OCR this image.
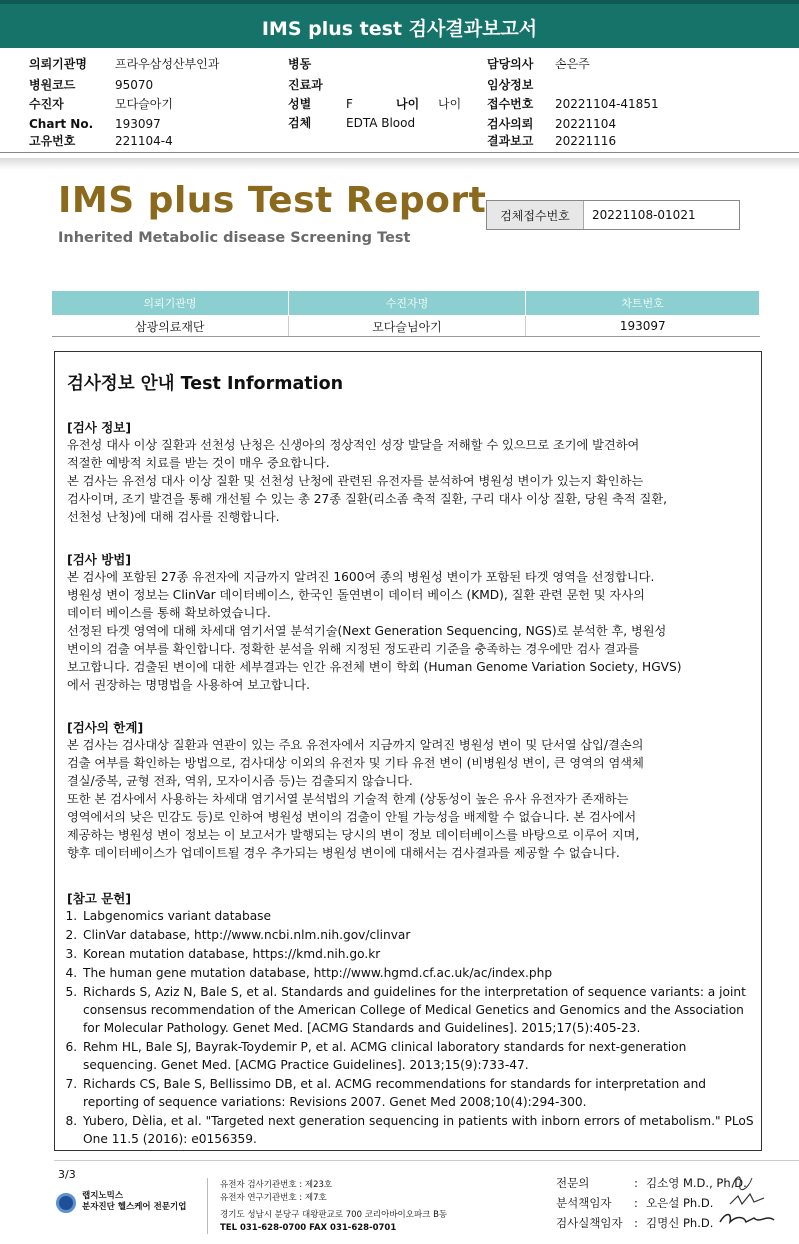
IMS plus test 검사결과보고서
의뢰기관명 프라우삼성산부인과
병원코드	95070
수진자	모다슬아기
Chart No. 193097
고유번호	221104-4
병동
진료과
성별	F	나이 나이
검체	EDTA Blood
담당의사 손은주
임상정보
접수번호 20221104-41851
검사의뢰 20221104
결과보고 20221116
IMS plus Test Report
Inherited Metabolic disease Screening Test
검체접수번호	20221108-01021
의뢰기관명	수진자명	차트번호
삼광의료재단	모다슬님아기	193097
검사정보 안내 Test Information
[검사 정보]
유전성 대사 이상 질환과 선천성 난청은 신생아의 정상적인 성장 발달을 저해할 수 있으므로 조기에 발견하여
적절한 예방적 치료를 받는 것이 매우 중요합니다.
본 검사는 유전성 대사 이상 질환 및 선천성 난청에 관련된 유전자를 분석하여 병원성 변이가 있는지 확인하는
검사이며, 조기 발견을 통해 개선될 수 있는 총 27종 질환(리소좀 축적 질환, 구리 대사 이상 질환, 당원 축적 질환,
선천성 난청)에 대해 검사를 진행합니다.
[검사 방법]
본 검사에 포함된 27종 유전자에 지금까지 알려진 1600여 종의 병원성 변이가 포함된 타겟 영역을 선정합니다.
병원성 변이 정보는 ClinVar 데이터베이스, 한국인 돌연변이 데이터 베이스 (KMD), 질환 관련 문헌 및 자사의
데이터 베이스를 통해 확보하였습니다.
선정된 타겟 영역에 대해 차세대 염기서열 분석기술(Next Generation Sequencing, NGS)로 분석한 후, 병원성
변이의 검출 여부를 확인합니다. 정확한 분석을 위해 지정된 정도관리 기준을 충족하는 경우에만 검사 결과를
보고합니다. 검출된 변이에 대한 세부결과는 인간 유전체 변이 학회 (Human Genome Variation Society, HGVS)
에서 권장하는 명명법을 사용하여 보고합니다.
[검사의 한계]
본 검사는 검사대상 질환과 연관이 있는 주요 유전자에서 지금까지 알려진 병원성 변이 및 단서열 삽입/결손의
검출 여부를 확인하는 방법으로, 검사대상 이외의 유전자 및 기타 유전 변이 (비병원성 변이, 큰 영역의 염색체
결실/중복, 균형 전좌, 역위, 모자이시즘 등)는 검출되지 않습니다.
또한 본 검사에서 사용하는 차세대 염기서열 분석법의 기술적 한계 (상동성이 높은 유사 유전자가 존재하는
영역에서의 낮은 민감도 등)로 인하여 병원성 변이의 검출이 안될 가능성을 배제할 수 없습니다. 본 검사에서
제공하는 병원성 변이 정보는 이 보고서가 발행되는 당시의 변이 정보 데이터베이스를 바탕으로 이루어 지며,
향후 데이터베이스가 업데이트될 경우 추가되는 병원성 변이에 대해서는 검사결과를 제공할 수 없습니다.
[참고 문헌]
1. Labgenomics variant database
2. ClinVar database, http://www.ncbi.nlm.nih.gov/clinvar
3. Korean mutation database, https://kmd.nih.go.kr
4. The human gene mutation database, http://www.hgmd.cf.ac.uk/ac/index.php
5. Richards S, Aziz N, Bale S, et al. Standards and guidelines for the interpretation of sequence variants: a joint consensus recommendation of the American College of Medical Genetics and Genomics and the Association for Molecular Pathology. Genet Med. [ACMG Standards and Guidelines]. 2015;17(5):405-23.
6. Rehm HL, Bale SJ, Bayrak-Toydemir P, et al. ACMG clinical laboratory standards for next-generation sequencing. Genet Med. [ACMG Practice Guidelines]. 2013;15(9):733-47.
7. Richards CS, Bale S, Bellissimo DB, et al. ACMG recommendations for standards for interpretation and reporting of sequence variations: Revisions 2007. Genet Med 2008;10(4):294-300.
8. Yubero, Dèlia, et al. "Targeted next generation sequencing in patients with inborn errors of metabolism." PLoS One 11.5 (2016): e0156359.
3/3
랩지노믹스
분자진단 헬스케어 전문기업
유전자 검사기관번호 : 제23호
유전자 연구기관번호 : 제7호
경기도 성남시 분당구 대왕판교로 700 코리아바이오파크 B동
TEL 031-628-0700 FAX 031-628-0701
전문의	: 김소영 M.D., Ph.D.
분석책임자 : 오은설 Ph.D.
검사실책임자 : 김명신 Ph.D.
